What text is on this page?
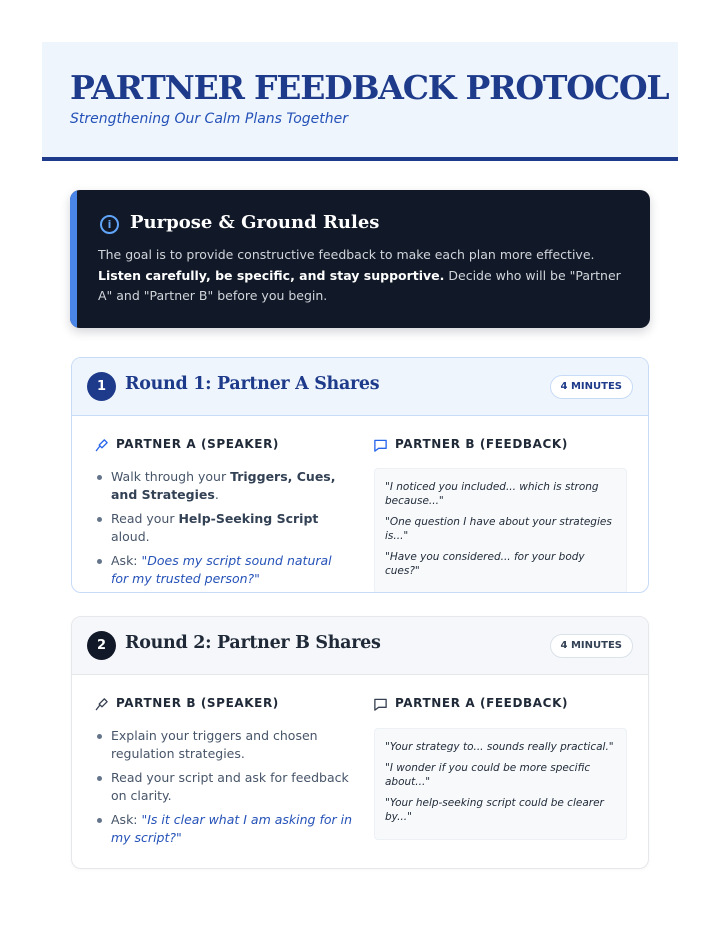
PARTNER FEEDBACK PROTOCOL
Strengthening Our Calm Plans Together
i	Purpose & Ground Rules
The goal is to provide constructive feedback to make each plan more effective. Listen carefully, be specific, and stay supportive. Decide who will be "Partner A" and "Partner B" before you begin.
1	Round 1: Partner A Shares	4 MINUTES
PARTNER A (SPEAKER)	PARTNER B (FEEDBACK)
Walk through your Triggers, Cues, and Strategies.
Read your Help-Seeking Script aloud.
Ask: "Does my script sound natural for my trusted person?"

"I noticed you included... which is strong because..."

"One question I have about your strategies is..."

"Have you considered... for your body cues?"

2	Round 2: Partner B Shares	4 MINUTES
PARTNER B (SPEAKER)	PARTNER A (FEEDBACK)
Explain your triggers and chosen regulation strategies.
Read your script and ask for feedback on clarity.
Ask: "Is it clear what I am asking for in my script?"

"Your strategy to... sounds really practical."

"I wonder if you could be more specific about..."

"Your help-seeking script could be clearer by..."
